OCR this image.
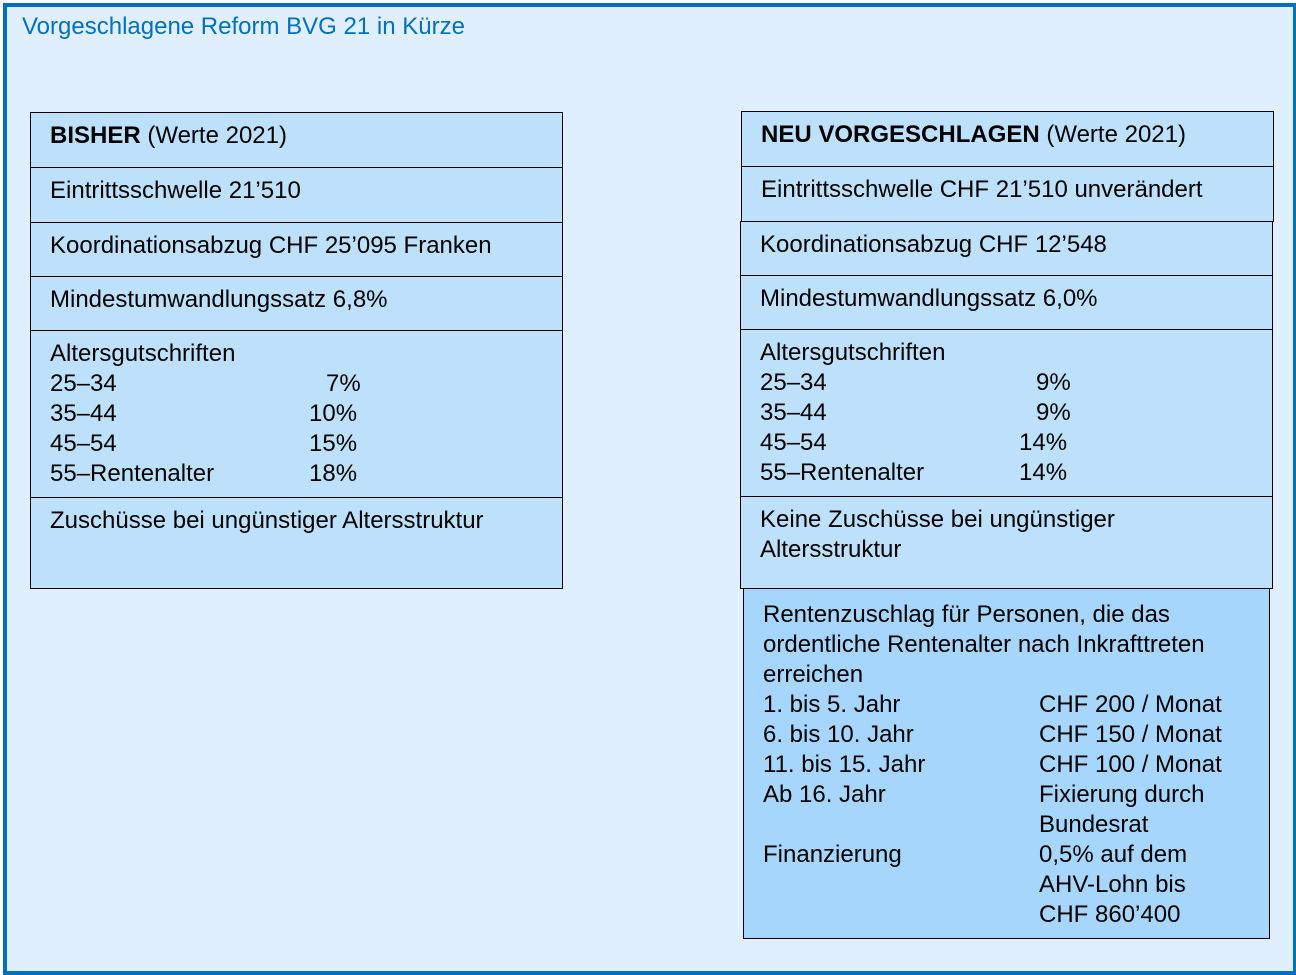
Vorgeschlagene Reform BVG 21 in Kürze
BISHER (Werte 2021)
Eintrittsschwelle 21’510
Koordinationsabzug CHF 25’095 Franken
Mindestumwandlungssatz 6,8%
Altersgutschriften
25–34	7%
35–44	10%
45–54	15%
55–Rentenalter	18%
Zuschüsse bei ungünstiger Altersstruktur
NEU VORGESCHLAGEN (Werte 2021)
Eintrittsschwelle CHF 21’510 unverändert
Koordinationsabzug CHF 12’548
Mindestumwandlungssatz 6,0%
Altersgutschriften
25–34	9%
35–44	9%
45–54	14%
55–Rentenalter	14%
Keine Zuschüsse bei ungünstiger
Altersstruktur
Rentenzuschlag für Personen, die das
ordentliche Rentenalter nach Inkrafttreten
erreichen
1. bis 5. Jahr	CHF 200 / Monat
6. bis 10. Jahr	CHF 150 / Monat
11. bis 15. Jahr	CHF 100 / Monat
Ab 16. Jahr	Fixierung durch
Bundesrat
Finanzierung	0,5% auf dem
AHV-Lohn bis
CHF 860’400
